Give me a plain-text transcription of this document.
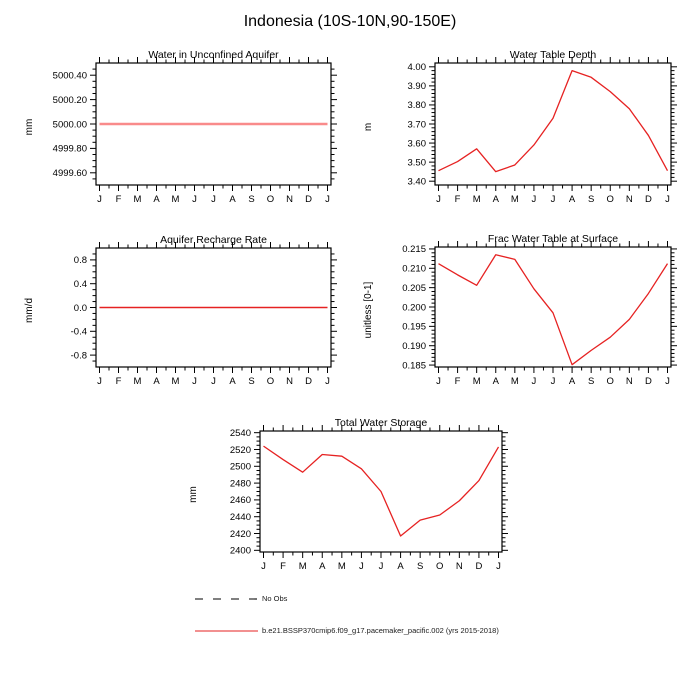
Indonesia (10S-10N,90-150E)
J F M A M J J A S O N D J
4999.60
4999.80
5000.00
5000.20
5000.40
Water in Unconfined Aquifer
mm
J F M A M J J A S O N D J
3.40
3.50
3.60
3.70
3.80
3.90
4.00
Water Table Depth
m
J F M A M J J A S O N D J
-0.8
-0.4
0.0
0.4
0.8
Aquifer Recharge Rate
mm/d
J F M A M J J A S O N D J
0.185
0.190
0.195
0.200
0.205
0.210
0.215
Frac Water Table at Surface
unitless [0-1]
J F M A M J J A S O N D J
2400
2420
2440
2460
2480
2500
2520
2540
Total Water Storage
mm
No Obs
b.e21.BSSP370cmip6.f09_g17.pacemaker_pacific.002 (yrs 2015-2018)
